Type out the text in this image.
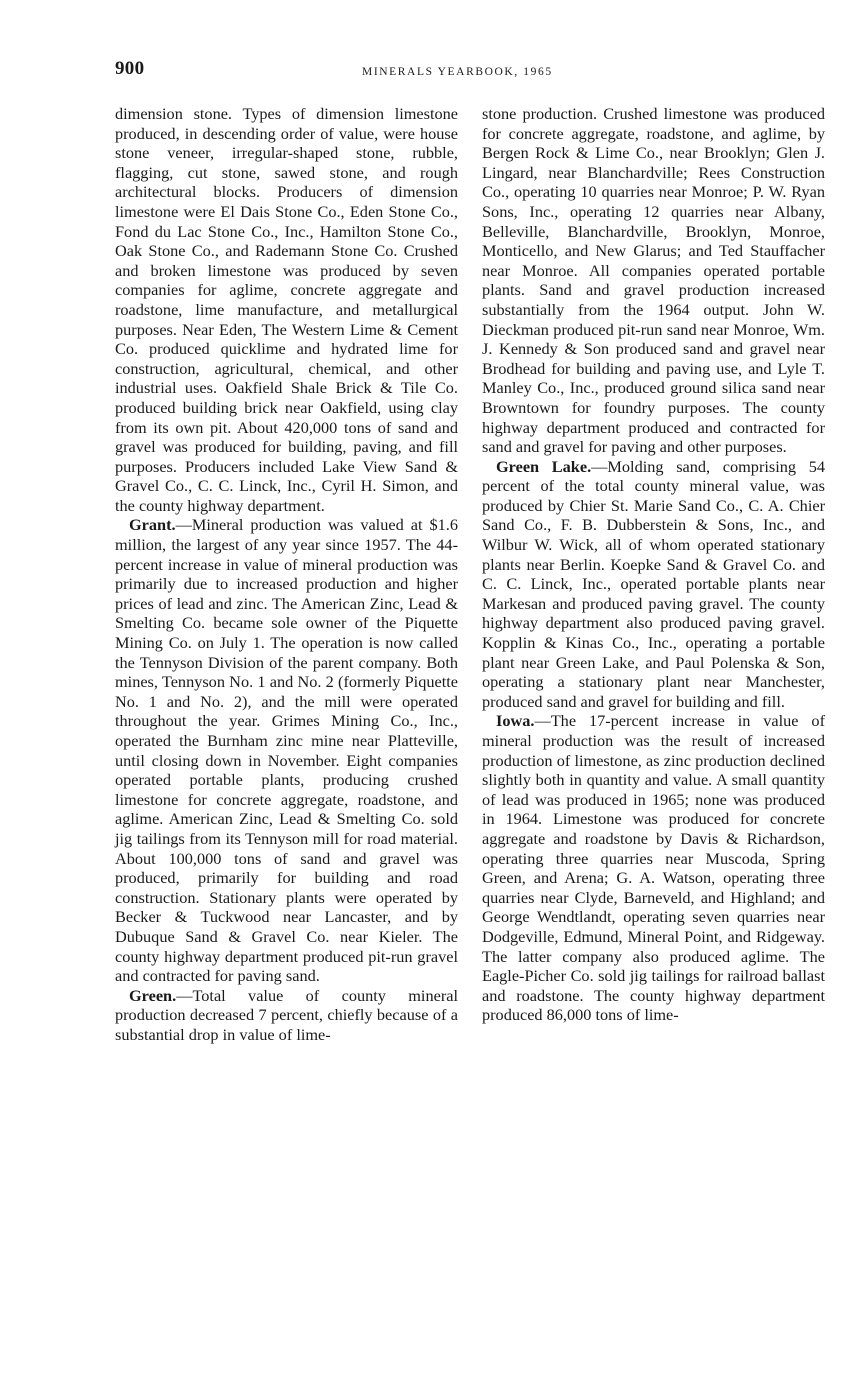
900	MINERALS YEARBOOK, 1965

dimension stone. Types of dimension limestone produced, in descending order of value, were house stone veneer, irregular-shaped stone, rubble, flagging, cut stone, sawed stone, and rough architectural blocks. Producers of dimension limestone were El Dais Stone Co., Eden Stone Co., Fond du Lac Stone Co., Inc., Hamilton Stone Co., Oak Stone Co., and Rademann Stone Co. Crushed and broken limestone was produced by seven companies for aglime, concrete aggregate and roadstone, lime manufacture, and metallurgical purposes. Near Eden, The Western Lime & Cement Co. produced quicklime and hydrated lime for construction, agricultural, chemical, and other industrial uses. Oakfield Shale Brick & Tile Co. produced building brick near Oakfield, using clay from its own pit. About 420,000 tons of sand and gravel was produced for building, paving, and fill purposes. Producers included Lake View Sand & Gravel Co., C. C. Linck, Inc., Cyril H. Simon, and the county highway department.

Grant.—Mineral production was valued at $1.6 million, the largest of any year since 1957. The 44-percent increase in value of mineral production was primarily due to increased production and higher prices of lead and zinc. The American Zinc, Lead & Smelting Co. became sole owner of the Piquette Mining Co. on July 1. The operation is now called the Tennyson Division of the parent company. Both mines, Tennyson No. 1 and No. 2 (formerly Piquette No. 1 and No. 2), and the mill were operated throughout the year. Grimes Mining Co., Inc., operated the Burnham zinc mine near Platteville, until closing down in November. Eight companies operated portable plants, producing crushed limestone for concrete aggregate, roadstone, and aglime. American Zinc, Lead & Smelting Co. sold jig tailings from its Tennyson mill for road material. About 100,000 tons of sand and gravel was produced, primarily for building and road construction. Stationary plants were operated by Becker & Tuckwood near Lancaster, and by Dubuque Sand & Gravel Co. near Kieler. The county highway department produced pit-run gravel and contracted for paving sand.

Green.—Total value of county mineral production decreased 7 percent, chiefly because of a substantial drop in value of lime-

stone production. Crushed limestone was produced for concrete aggregate, roadstone, and aglime, by Bergen Rock & Lime Co., near Brooklyn; Glen J. Lingard, near Blanchardville; Rees Construction Co., operating 10 quarries near Monroe; P. W. Ryan Sons, Inc., operating 12 quarries near Albany, Belleville, Blanchardville, Brooklyn, Monroe, Monticello, and New Glarus; and Ted Stauffacher near Monroe. All companies operated portable plants. Sand and gravel production increased substantially from the 1964 output. John W. Dieckman produced pit-run sand near Monroe, Wm. J. Kennedy & Son produced sand and gravel near Brodhead for building and paving use, and Lyle T. Manley Co., Inc., produced ground silica sand near Browntown for foundry purposes. The county highway department produced and contracted for sand and gravel for paving and other purposes.

Green Lake.—Molding sand, comprising 54 percent of the total county mineral value, was produced by Chier St. Marie Sand Co., C. A. Chier Sand Co., F. B. Dubberstein & Sons, Inc., and Wilbur W. Wick, all of whom operated stationary plants near Berlin. Koepke Sand & Gravel Co. and C. C. Linck, Inc., operated portable plants near Markesan and produced paving gravel. The county highway department also produced paving gravel. Kopplin & Kinas Co., Inc., operating a portable plant near Green Lake, and Paul Polenska & Son, operating a stationary plant near Manchester, produced sand and gravel for building and fill.

Iowa.—The 17-percent increase in value of mineral production was the result of increased production of limestone, as zinc production declined slightly both in quantity and value. A small quantity of lead was produced in 1965; none was produced in 1964. Limestone was produced for concrete aggregate and roadstone by Davis & Richardson, operating three quarries near Muscoda, Spring Green, and Arena; G. A. Watson, operating three quarries near Clyde, Barneveld, and Highland; and George Wendtlandt, operating seven quarries near Dodgeville, Edmund, Mineral Point, and Ridgeway. The latter company also produced aglime. The Eagle-Picher Co. sold jig tailings for railroad ballast and roadstone. The county highway department produced 86,000 tons of lime-
